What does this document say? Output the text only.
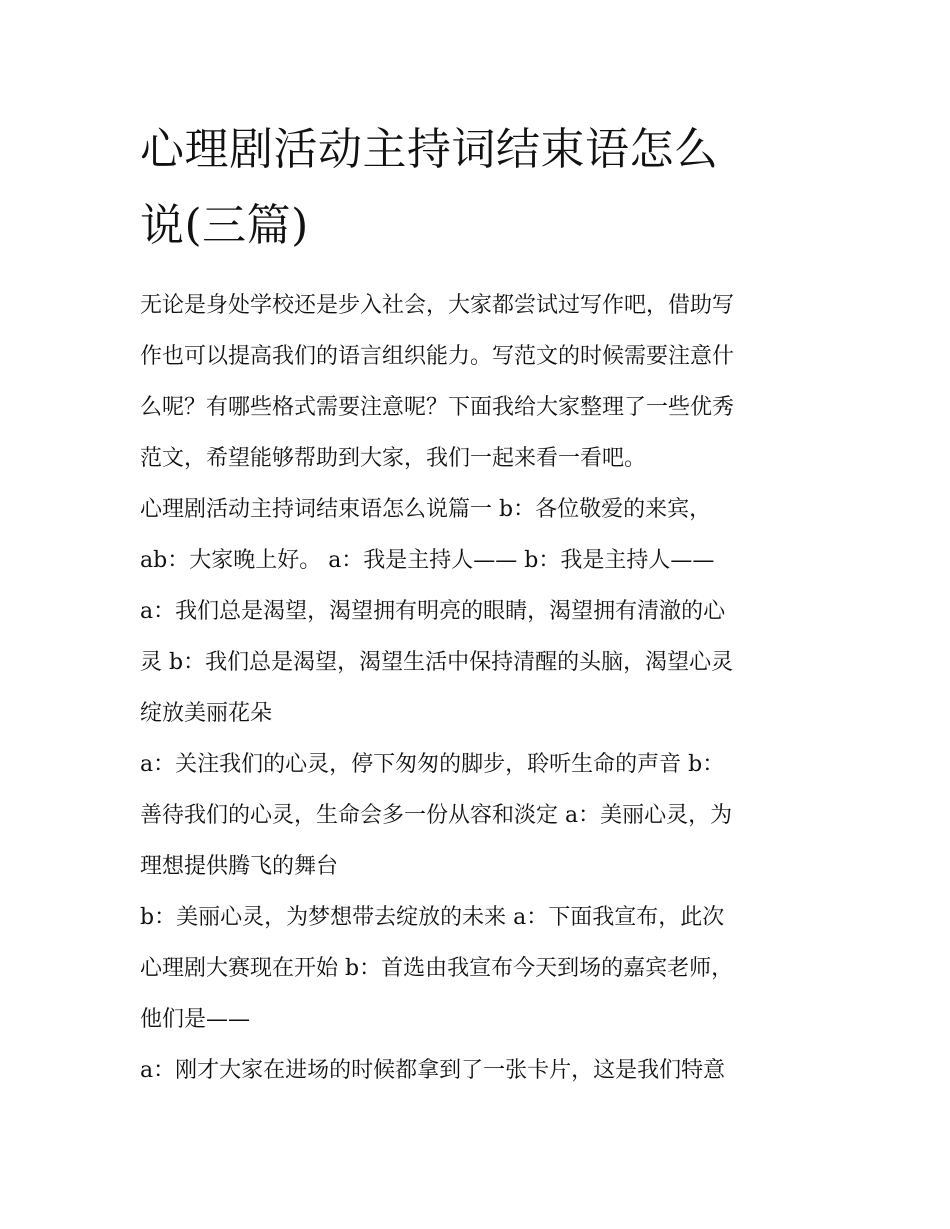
心理剧活动主持词结束语怎么
说(三篇)
无论是身处学校还是步入社会，大家都尝试过写作吧，借助写
作也可以提高我们的语言组织能力。写范文的时候需要注意什
么呢？有哪些格式需要注意呢？下面我给大家整理了一些优秀
范文，希望能够帮助到大家，我们一起来看一看吧。
心理剧活动主持词结束语怎么说篇一 b：各位敬爱的来宾，
ab：大家晚上好。 a：我是主持人—— b：我是主持人——
a：我们总是渴望，渴望拥有明亮的眼睛，渴望拥有清澈的心
灵 b：我们总是渴望，渴望生活中保持清醒的头脑，渴望心灵
绽放美丽花朵
a：关注我们的心灵，停下匆匆的脚步，聆听生命的声音 b：
善待我们的心灵，生命会多一份从容和淡定 a：美丽心灵，为
理想提供腾飞的舞台
b：美丽心灵，为梦想带去绽放的未来 a：下面我宣布，此次
心理剧大赛现在开始 b：首选由我宣布今天到场的嘉宾老师，
他们是——
a：刚才大家在进场的时候都拿到了一张卡片，这是我们特意
